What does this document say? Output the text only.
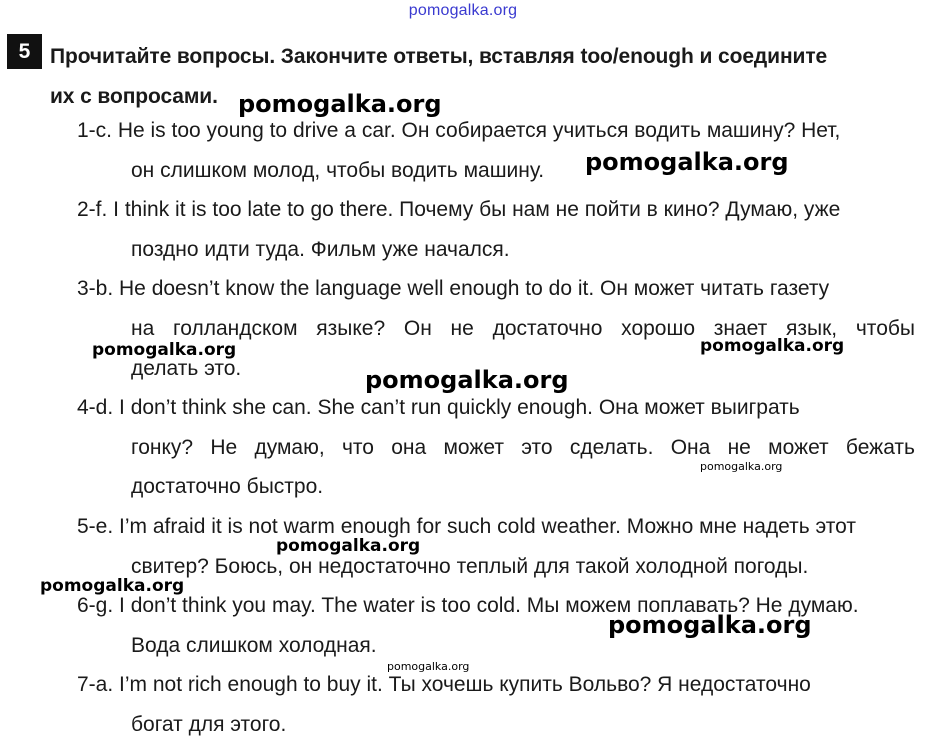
pomogalka.org
5 Прочитайте вопросы. Закончите ответы, вставляя too/enough и соедините
их с вопросами.
1-c. He is too young to drive a car. Он собирается учиться водить машину? Нет,
он слишком молод, чтобы водить машину.
2-f. I think it is too late to go there. Почему бы нам не пойти в кино? Думаю, уже
поздно идти туда. Фильм уже начался.
3-b. He doesn’t know the language well enough to do it. Он может читать газету
на голландском языке? Он не достаточно хорошо знает язык, чтобы
делать это.
4-d. I don’t think she can. She can’t run quickly enough. Она может выиграть
гонку? Не думаю, что она может это сделать. Она не может бежать
достаточно быстро.
5-e. I’m afraid it is not warm enough for such cold weather. Можно мне надеть этот
свитер? Боюсь, он недостаточно теплый для такой холодной погоды.
6-g. I don’t think you may. The water is too cold. Мы можем поплавать? Не думаю.
Вода слишком холодная.
7-a. I’m not rich enough to buy it. Ты хочешь купить Вольво? Я недостаточно
богат для этого.
pomogalka.org
pomogalka.org
pomogalka.org	pomogalka.org
pomogalka.org
pomogalka.org
pomogalka.org
pomogalka.org
pomogalka.org
pomogalka.org
